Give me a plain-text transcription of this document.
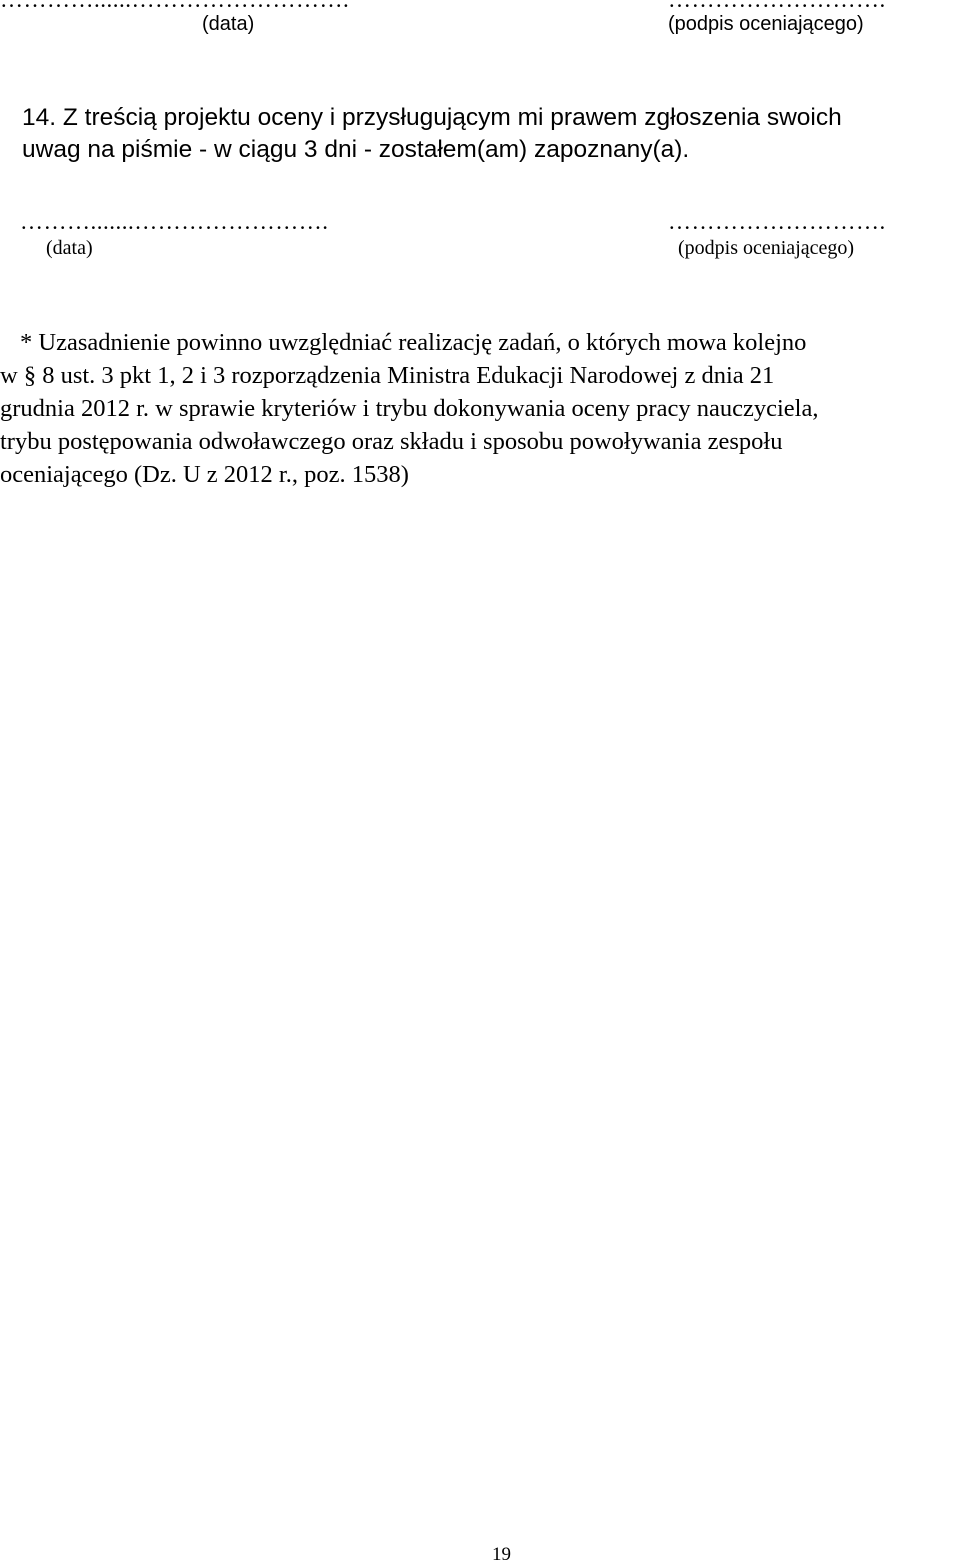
(data)	(podpis oceniającego)
14. Z treścią projektu oceny i przysługującym mi prawem zgłoszenia swoich
uwag na piśmie - w ciągu 3 dni - zostałem(am) zapoznany(a).
……….......…………………….
(data)
……………………….
(podpis oceniającego)
* Uzasadnienie powinno uwzględniać realizację zadań, o których mowa kolejno
w § 8 ust. 3 pkt 1, 2 i 3 rozporządzenia Ministra Edukacji Narodowej z dnia 21
grudnia 2012 r. w sprawie kryteriów i trybu dokonywania oceny pracy nauczyciela,
trybu postępowania odwoławczego oraz składu i sposobu powoływania zespołu
oceniającego (Dz. U z 2012 r., poz. 1538)
19
